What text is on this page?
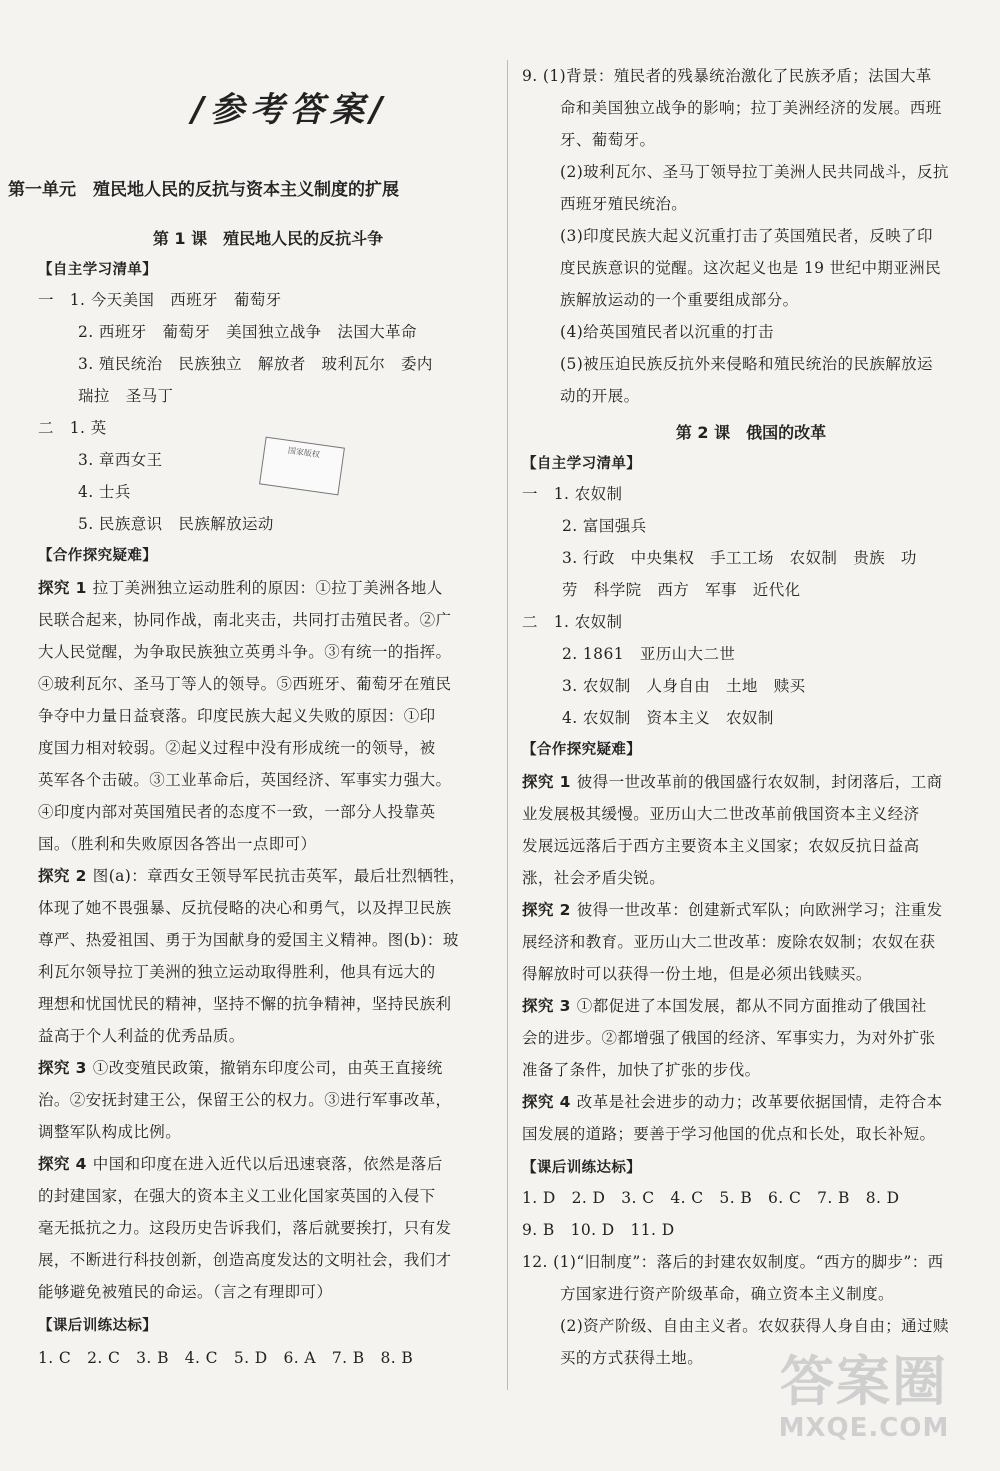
/参考答案/
第一单元　殖民地人民的反抗与资本主义制度的扩展
国家版权
第 1 课　殖民地人民的反抗斗争
【自主学习清单】
一　1. 今天美国　西班牙　葡萄牙
2. 西班牙　葡萄牙　美国独立战争　法国大革命
3. 殖民统治　民族独立　解放者　玻利瓦尔　委内
瑞拉　圣马丁
二　1. 英
3. 章西女王
4. 士兵
5. 民族意识　民族解放运动
【合作探究疑难】
探究 1 拉丁美洲独立运动胜利的原因：①拉丁美洲各地人
民联合起来，协同作战，南北夹击，共同打击殖民者。②广
大人民觉醒，为争取民族独立英勇斗争。③有统一的指挥。
④玻利瓦尔、圣马丁等人的领导。⑤西班牙、葡萄牙在殖民
争夺中力量日益衰落。印度民族大起义失败的原因：①印
度国力相对较弱。②起义过程中没有形成统一的领导，被
英军各个击破。③工业革命后，英国经济、军事实力强大。
④印度内部对英国殖民者的态度不一致，一部分人投靠英
国。（胜利和失败原因各答出一点即可）
探究 2 图(a)：章西女王领导军民抗击英军，最后壮烈牺牲，
体现了她不畏强暴、反抗侵略的决心和勇气，以及捍卫民族
尊严、热爱祖国、勇于为国献身的爱国主义精神。图(b)：玻
利瓦尔领导拉丁美洲的独立运动取得胜利，他具有远大的
理想和忧国忧民的精神，坚持不懈的抗争精神，坚持民族利
益高于个人利益的优秀品质。
探究 3 ①改变殖民政策，撤销东印度公司，由英王直接统
治。②安抚封建王公，保留王公的权力。③进行军事改革，
调整军队构成比例。
探究 4 中国和印度在进入近代以后迅速衰落，依然是落后
的封建国家，在强大的资本主义工业化国家英国的入侵下
毫无抵抗之力。这段历史告诉我们，落后就要挨打，只有发
展，不断进行科技创新，创造高度发达的文明社会，我们才
能够避免被殖民的命运。（言之有理即可）
【课后训练达标】
1. C　2. C　3. B　4. C　5. D　6. A　7. B　8. B
9. (1)背景：殖民者的残暴统治激化了民族矛盾；法国大革
命和美国独立战争的影响；拉丁美洲经济的发展。西班
牙、葡萄牙。
(2)玻利瓦尔、圣马丁领导拉丁美洲人民共同战斗，反抗
西班牙殖民统治。
(3)印度民族大起义沉重打击了英国殖民者，反映了印
度民族意识的觉醒。这次起义也是 19 世纪中期亚洲民
族解放运动的一个重要组成部分。
(4)给英国殖民者以沉重的打击
(5)被压迫民族反抗外来侵略和殖民统治的民族解放运
动的开展。
第 2 课　俄国的改革
【自主学习清单】
一　1. 农奴制
2. 富国强兵
3. 行政　中央集权　手工工场　农奴制　贵族　功
劳　科学院　西方　军事　近代化
二　1. 农奴制
2. 1861　亚历山大二世
3. 农奴制　人身自由　土地　赎买
4. 农奴制　资本主义　农奴制
【合作探究疑难】
探究 1 彼得一世改革前的俄国盛行农奴制，封闭落后，工商
业发展极其缓慢。亚历山大二世改革前俄国资本主义经济
发展远远落后于西方主要资本主义国家；农奴反抗日益高
涨，社会矛盾尖锐。
探究 2 彼得一世改革：创建新式军队；向欧洲学习；注重发
展经济和教育。亚历山大二世改革：废除农奴制；农奴在获
得解放时可以获得一份土地，但是必须出钱赎买。
探究 3 ①都促进了本国发展，都从不同方面推动了俄国社
会的进步。②都增强了俄国的经济、军事实力，为对外扩张
准备了条件，加快了扩张的步伐。
探究 4 改革是社会进步的动力；改革要依据国情，走符合本
国发展的道路；要善于学习他国的优点和长处，取长补短。
【课后训练达标】
1. D　2. D　3. C　4. C　5. B　6. C　7. B　8. D
9. B　10. D　11. D
12. (1)“旧制度”：落后的封建农奴制度。“西方的脚步”：西
方国家进行资产阶级革命，确立资本主义制度。
(2)资产阶级、自由主义者。农奴获得人身自由；通过赎
买的方式获得土地。	答案圈
MXQE.COM
